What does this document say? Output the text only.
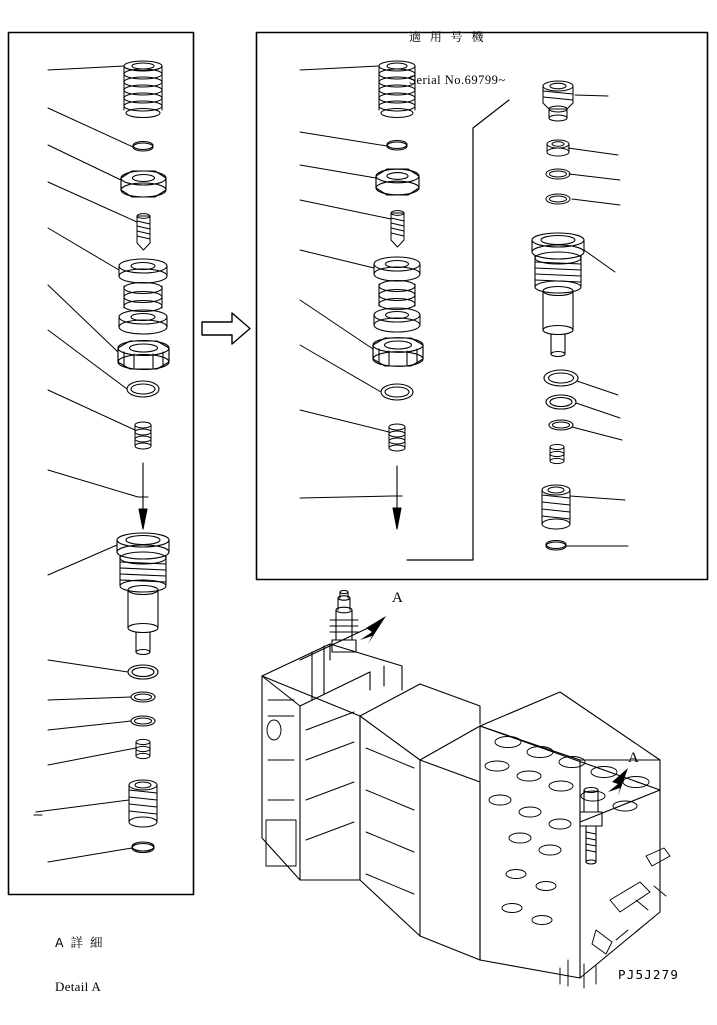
適 用 号 機

Serial No.69799~

A 詳 細

Detail A

A
A
PJ5J279
